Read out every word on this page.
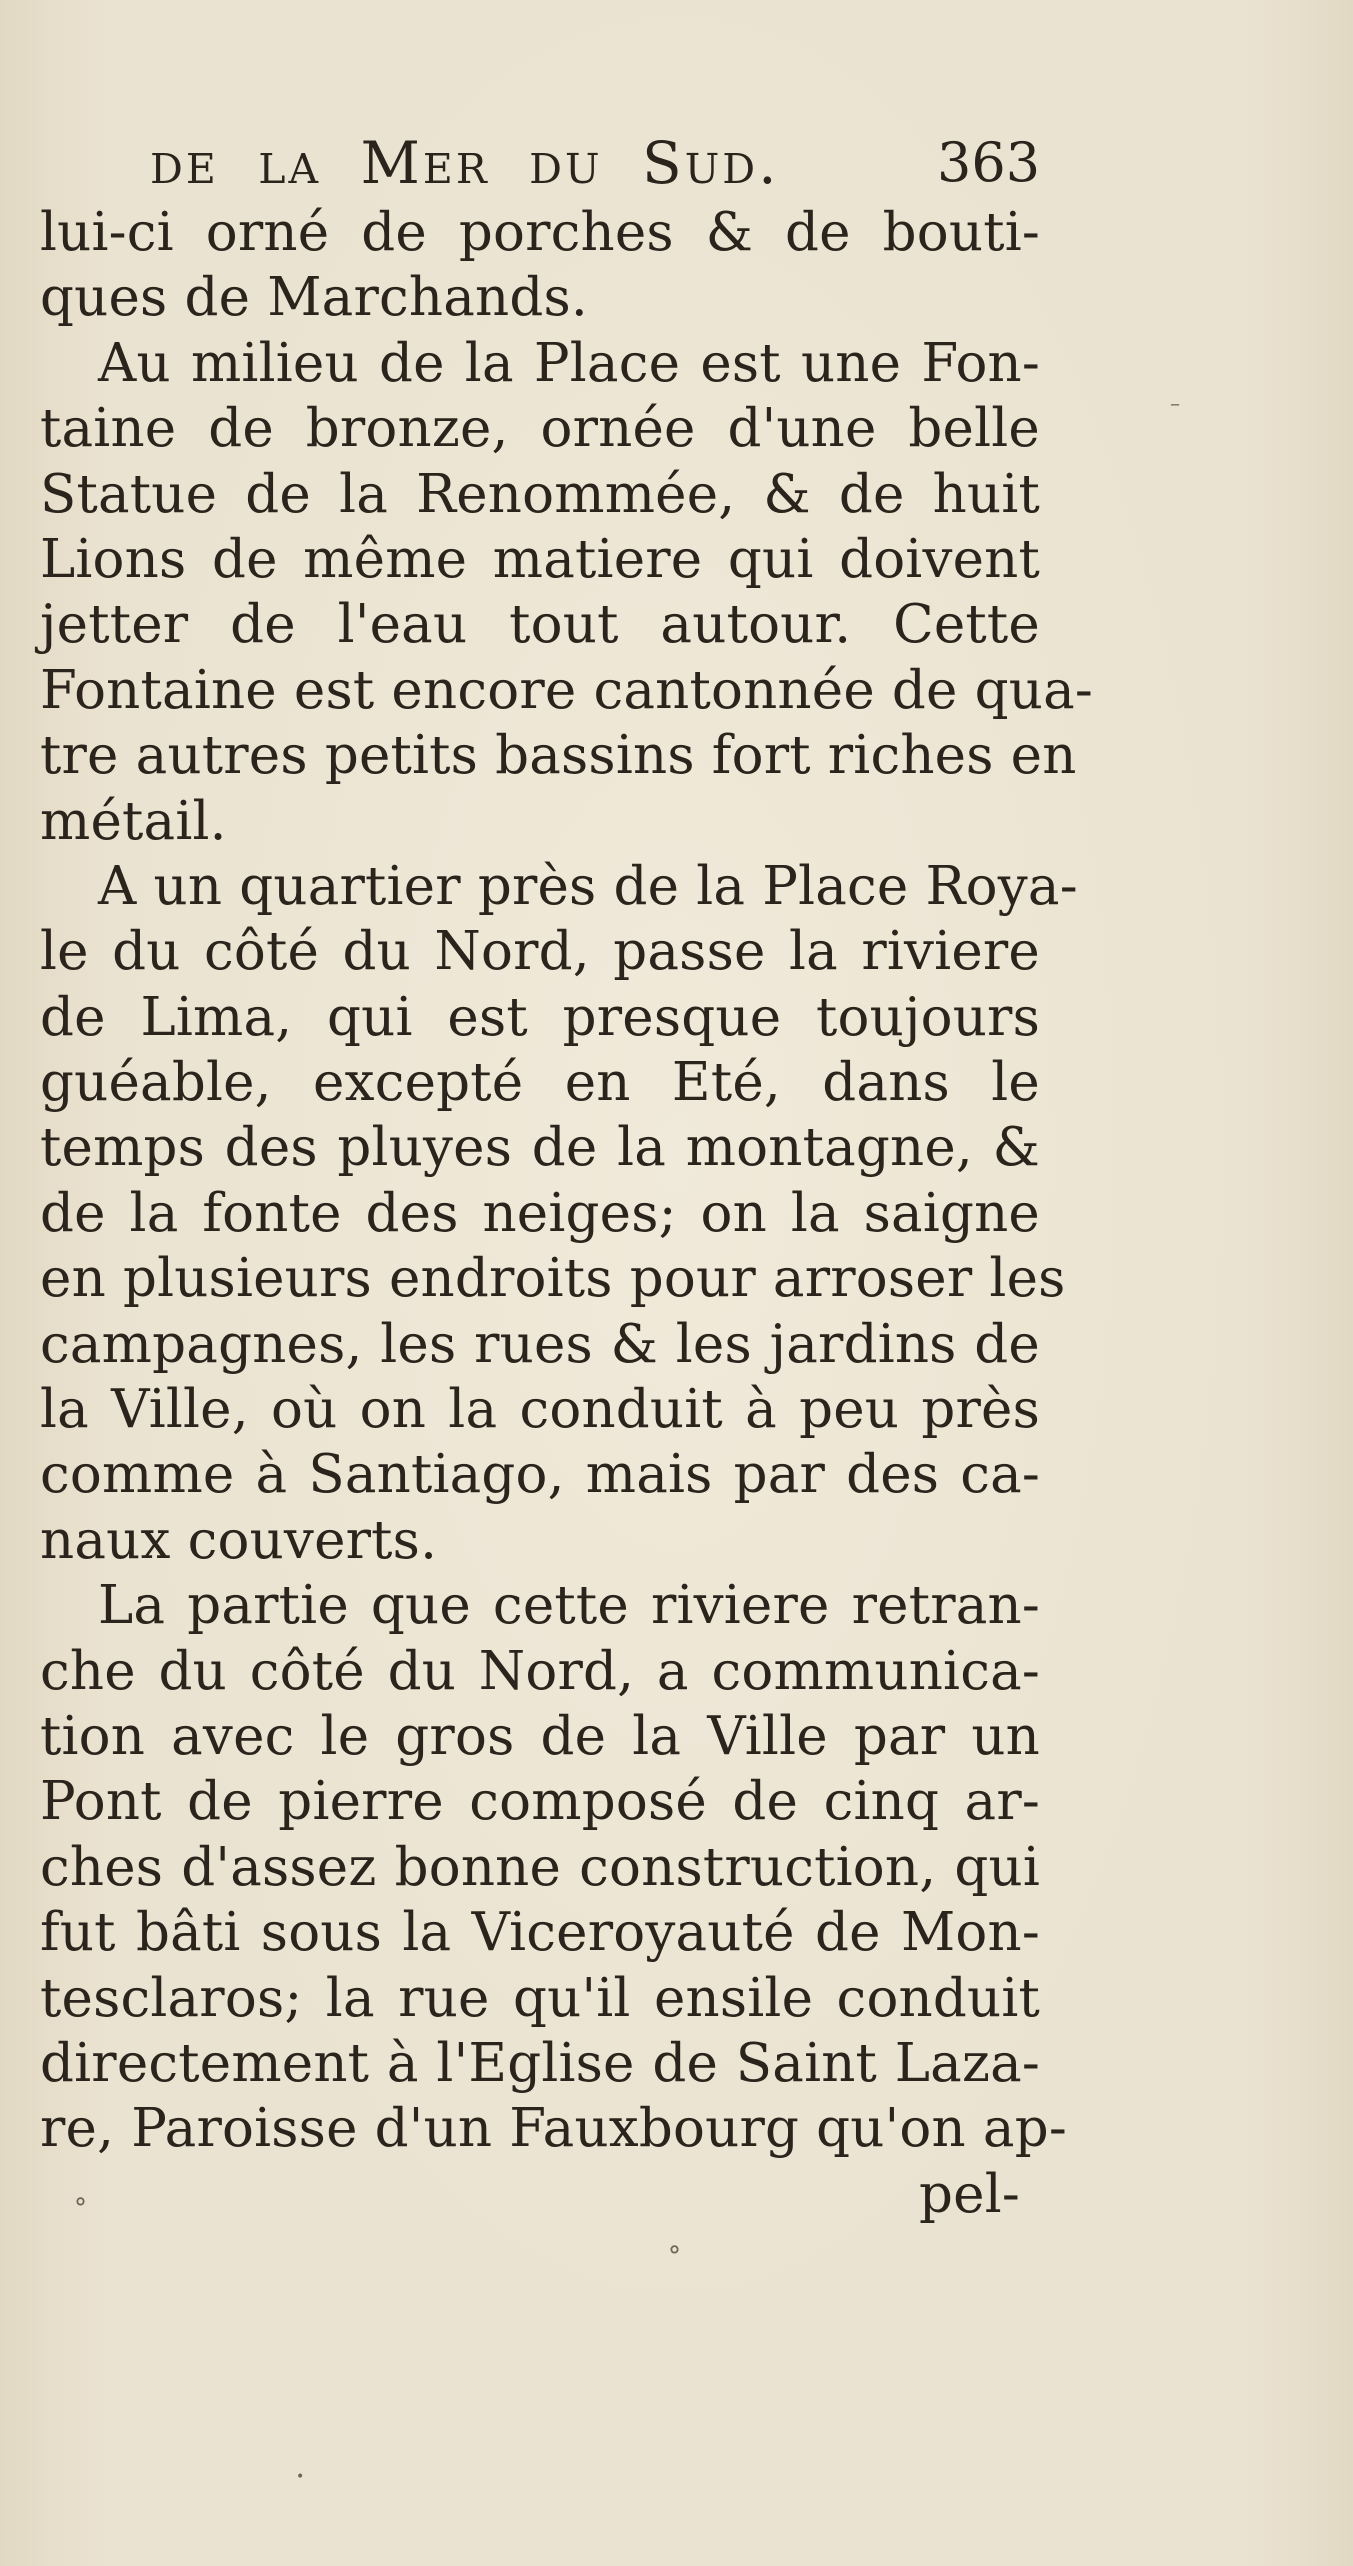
de la Mer du Sud.	363
lui-ci orné de porches & de bouti-
ques de Marchands.
Au milieu de la Place est une Fon-
taine de bronze, ornée d'une belle
Statue de la Renommée, & de huit
Lions de même matiere qui doivent
jetter de l'eau tout autour. Cette
Fontaine est encore cantonnée de qua-
tre autres petits bassins fort riches en
métail.
A un quartier près de la Place Roya-
le du côté du Nord, passe la riviere
de Lima, qui est presque toujours
guéable, excepté en Eté, dans le
temps des pluyes de la montagne, &
de la fonte des neiges; on la saigne
en plusieurs endroits pour arroser les
campagnes, les rues & les jardins de
la Ville, où on la conduit à peu près
comme à Santiago, mais par des ca-
naux couverts.
La partie que cette riviere retran-
che du côté du Nord, a communica-
tion avec le gros de la Ville par un
Pont de pierre composé de cinq ar-
ches d'assez bonne construction, qui
fut bâti sous la Viceroyauté de Mon-
tesclaros; la rue qu'il ensile conduit
directement à l'Eglise de Saint Laza-
re, Paroisse d'un Fauxbourg qu'on ap-
pel-
°
°
•
–
